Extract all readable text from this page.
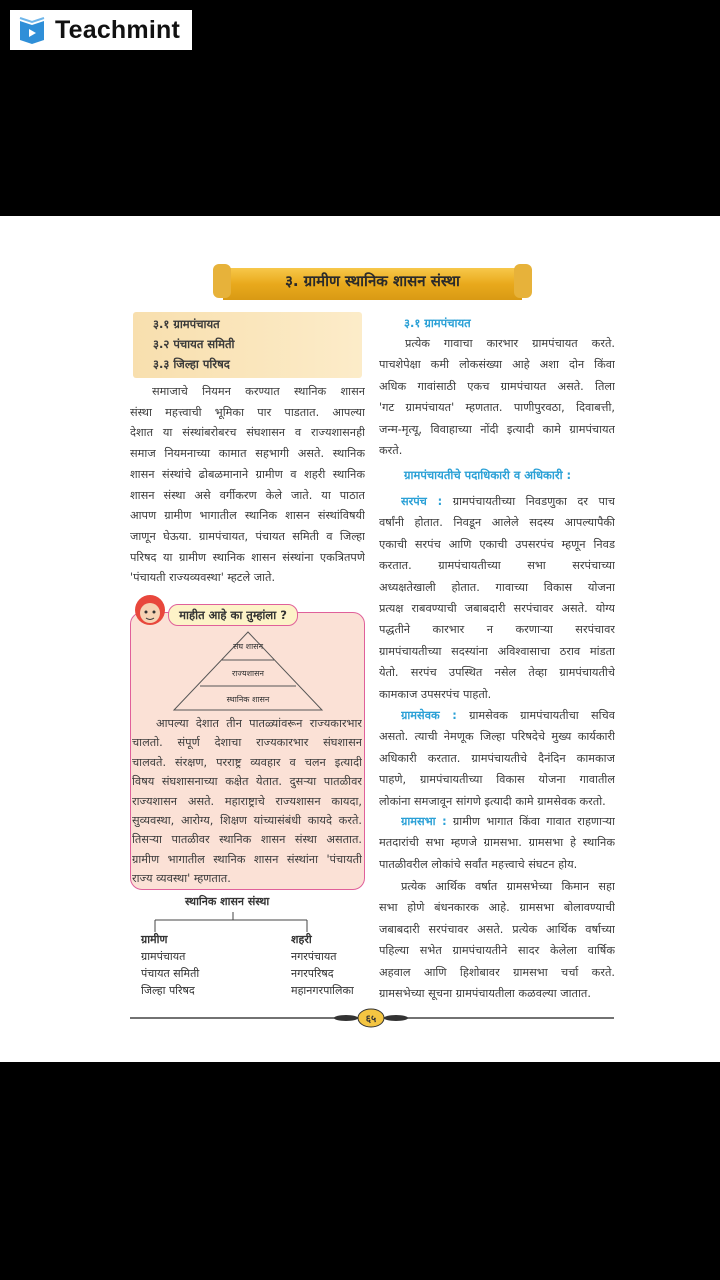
Teachmint
३. ग्रामीण स्थानिक शासन संस्था
३.१ ग्रामपंचायत
३.२ पंचायत समिती
३.३ जिल्हा परिषद
समाजाचे नियमन करण्यात स्थानिक शासन
संस्था महत्त्वाची भूमिका पार पाडतात. आपल्या
देशात या संस्थांबरोबरच संघशासन व राज्यशासनही
समाज नियमनाच्या कामात सहभागी असते. स्थानिक
शासन संस्थांचे ढोबळमानाने ग्रामीण व शहरी स्थानिक
शासन संस्था असे वर्गीकरण केले जाते. या पाठात
आपण ग्रामीण भागातील स्थानिक शासन संस्थांविषयी
जाणून घेऊया. ग्रामपंचायत, पंचायत समिती व जिल्हा
परिषद या ग्रामीण स्थानिक शासन संस्थांना एकत्रितपणे
'पंचायती राज्यव्यवस्था' म्हटले जाते.
माहीत आहे का तुम्हांला ?
संघ शासन
राज्यशासन
स्थानिक शासन
आपल्या देशात तीन पातळ्यांवरून राज्यकारभार
चालतो. संपूर्ण देशाचा राज्यकारभार संघशासन
चालवते. संरक्षण, परराष्ट्र व्यवहार व चलन इत्यादी
विषय संघशासनाच्या कक्षेत येतात. दुसऱ्या पातळीवर
राज्यशासन असते. महाराष्ट्राचे राज्यशासन कायदा,
सुव्यवस्था, आरोग्य, शिक्षण यांच्यासंबंधी कायदे करते.
तिसऱ्या पातळीवर स्थानिक शासन संस्था असतात.
ग्रामीण भागातील स्थानिक शासन संस्थांना 'पंचायती
राज्य व्यवस्था' म्हणतात.
स्थानिक शासन संस्था
ग्रामीण
ग्रामपंचायत
पंचायत समिती
जिल्हा परिषद
शहरी
नगरपंचायत
नगरपरिषद
महानगरपालिका
३.१ ग्रामपंचायत
प्रत्येक गावाचा कारभार ग्रामपंचायत करते.
पाचशेपेक्षा कमी लोकसंख्या आहे अशा दोन किंवा
अधिक गावांसाठी एकच ग्रामपंचायत असते. तिला
'गट ग्रामपंचायत' म्हणतात. पाणीपुरवठा, दिवाबत्ती,
जन्म-मृत्यू, विवाहाच्या नोंदी इत्यादी कामे ग्रामपंचायत
करते.
ग्रामपंचायतीचे पदाधिकारी व अधिकारी :
सरपंच : ग्रामपंचायतीच्या निवडणुका दर पाच
वर्षांनी होतात. निवडून आलेले सदस्य आपल्यापैकी
एकाची सरपंच आणि एकाची उपसरपंच म्हणून निवड
करतात. ग्रामपंचायतीच्या सभा सरपंचाच्या
अध्यक्षतेखाली होतात. गावाच्या विकास योजना
प्रत्यक्ष राबवण्याची जबाबदारी सरपंचावर असते. योग्य
पद्धतीने कारभार न करणाऱ्या सरपंचावर
ग्रामपंचायतीच्या सदस्यांना अविश्वासाचा ठराव मांडता
येतो. सरपंच उपस्थित नसेल तेव्हा ग्रामपंचायतीचे
कामकाज उपसरपंच पाहतो.
ग्रामसेवक : ग्रामसेवक ग्रामपंचायतीचा सचिव
असतो. त्याची नेमणूक जिल्हा परिषदेचे मुख्य कार्यकारी
अधिकारी करतात. ग्रामपंचायतीचे दैनंदिन कामकाज
पाहणे, ग्रामपंचायतीच्या विकास योजना गावातील
लोकांना समजावून सांगणे इत्यादी कामे ग्रामसेवक करतो.
ग्रामसभा : ग्रामीण भागात किंवा गावात राहणाऱ्या
मतदारांची सभा म्हणजे ग्रामसभा. ग्रामसभा हे स्थानिक
पातळीवरील लोकांचे सर्वांत महत्त्वाचे संघटन होय.
प्रत्येक आर्थिक वर्षात ग्रामसभेच्या किमान सहा
सभा होणे बंधनकारक आहे. ग्रामसभा बोलावण्याची
जबाबदारी सरपंचावर असते. प्रत्येक आर्थिक वर्षाच्या
पहिल्या सभेत ग्रामपंचायतीने सादर केलेला वार्षिक
अहवाल आणि हिशोबावर ग्रामसभा चर्चा करते.
ग्रामसभेच्या सूचना ग्रामपंचायतीला कळवल्या जातात.
६५
